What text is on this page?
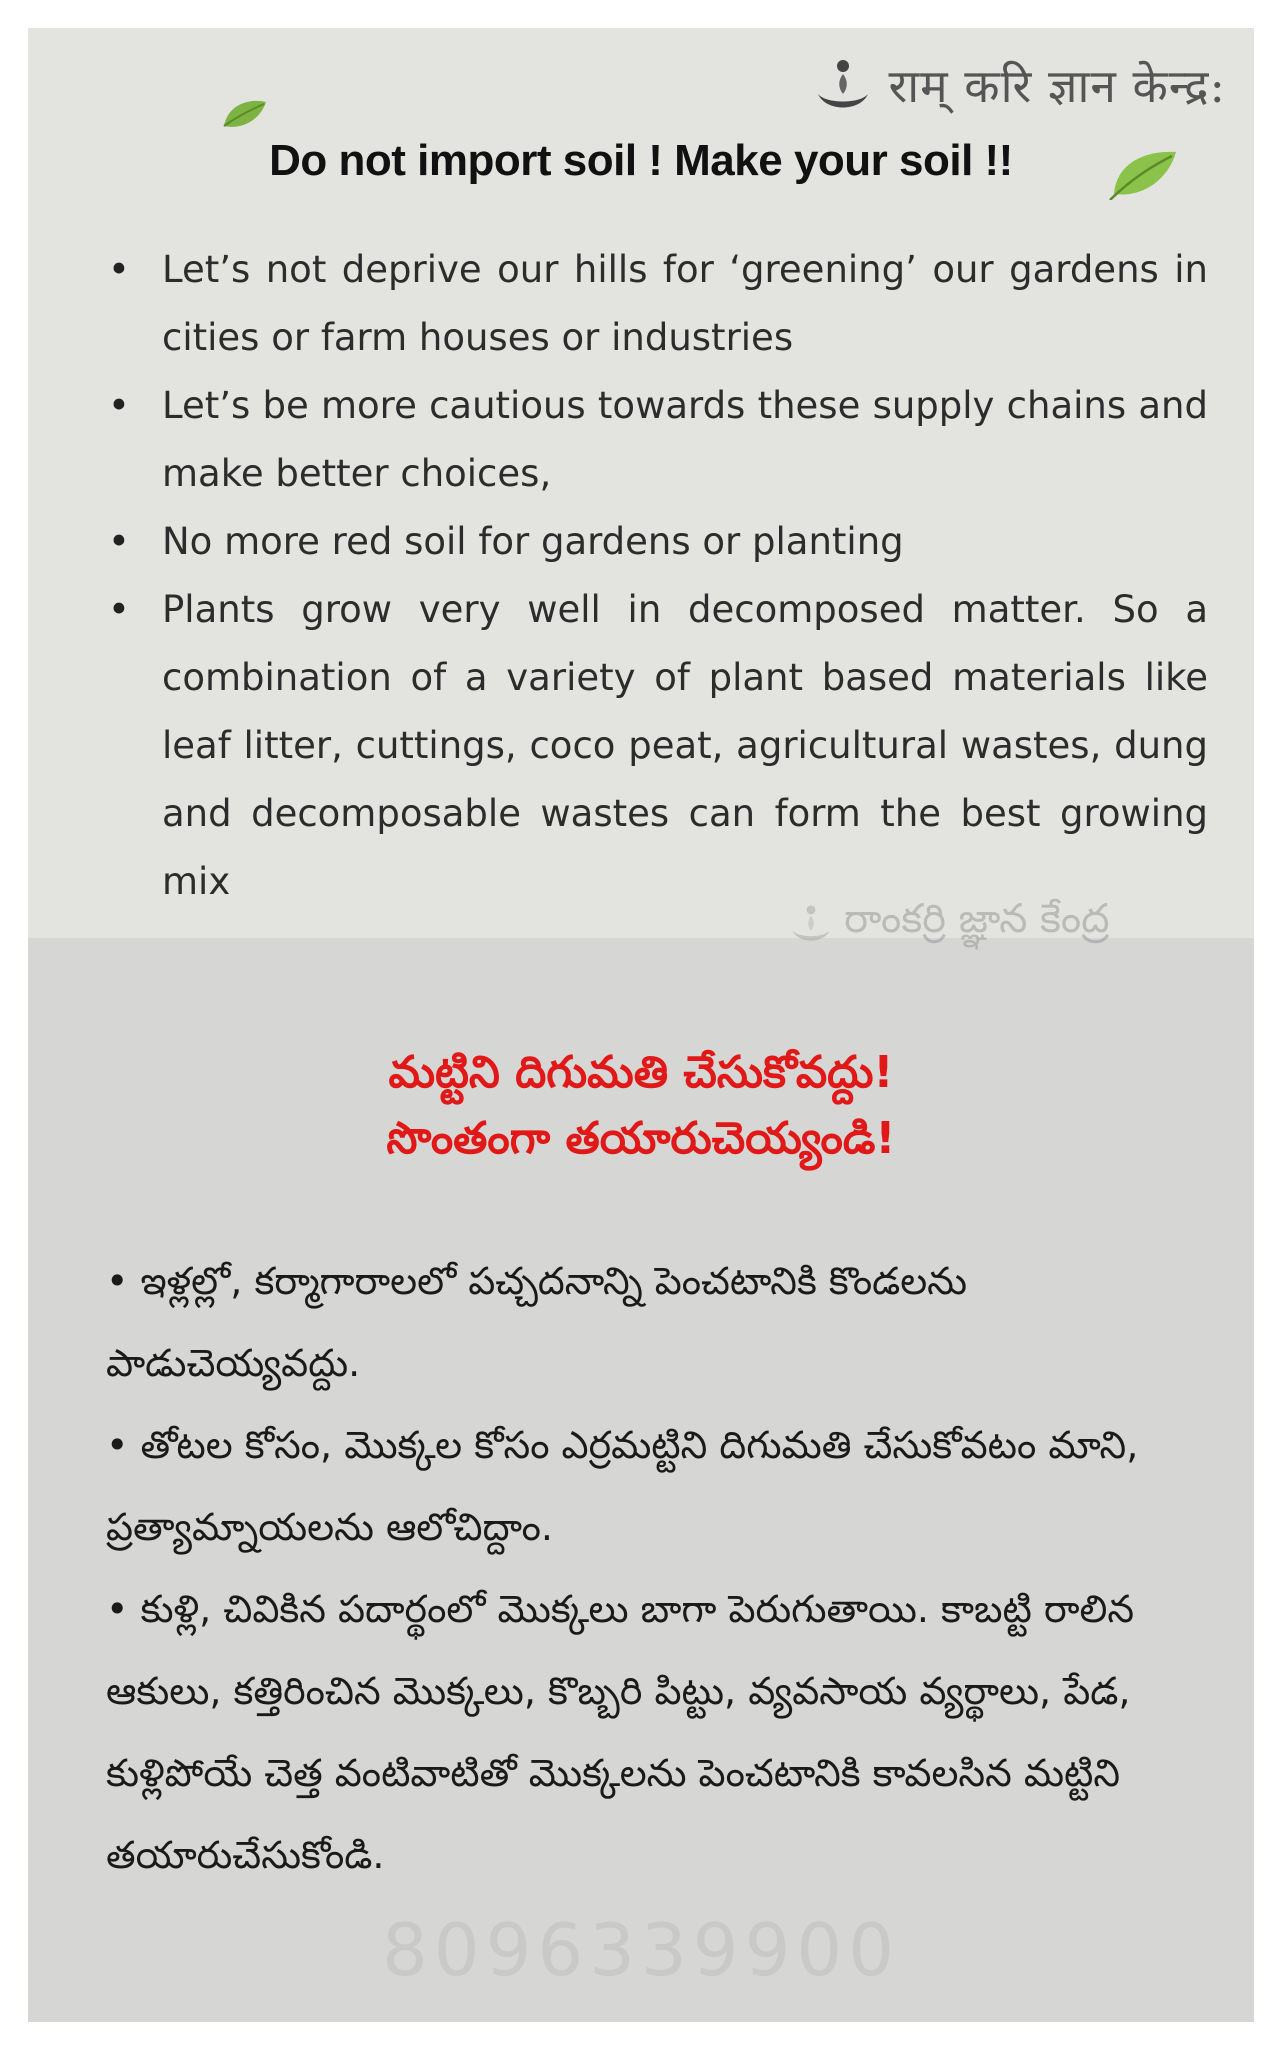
राम् करि ज्ञान केन्द्र:
Do not import soil ! Make your soil !!
• Let’s not deprive our hills for ‘greening’ our gardens in cities or farm houses or industries
• Let’s be more cautious towards these supply chains and make better choices,
• No more red soil for gardens or planting
• Plants grow very well in decomposed matter. So a combination of a variety of plant based materials like leaf litter, cuttings, coco peat, agricultural wastes, dung and decomposable wastes can form the best growing mix
రాంకర్రి జ్ఞాన కేంద్ర
మట్టిని దిగుమతి చేసుకోవద్దు!
సొంతంగా తయారుచెయ్యండి!

• ఇళ్లల్లో, కర్మాగారాలలో పచ్చదనాన్ని పెంచటానికి కొండలను పాడుచెయ్యవద్దు.

• తోటల కోసం, మొక్కల కోసం ఎర్రమట్టిని దిగుమతి చేసుకోవటం మాని, ప్రత్యామ్నాయలను ఆలోచిద్దాం.

• కుళ్లి, చివికిన పదార్థంలో మొక్కలు బాగా పెరుగుతాయి. కాబట్టి రాలిన ఆకులు, కత్తిరించిన మొక్కలు, కొబ్బరి పిట్టు, వ్యవసాయ వ్యర్థాలు, పేడ, కుళ్లిపోయే చెత్త వంటివాటితో మొక్కలను పెంచటానికి కావలసిన మట్టిని తయారుచేసుకోండి.

8096339900
